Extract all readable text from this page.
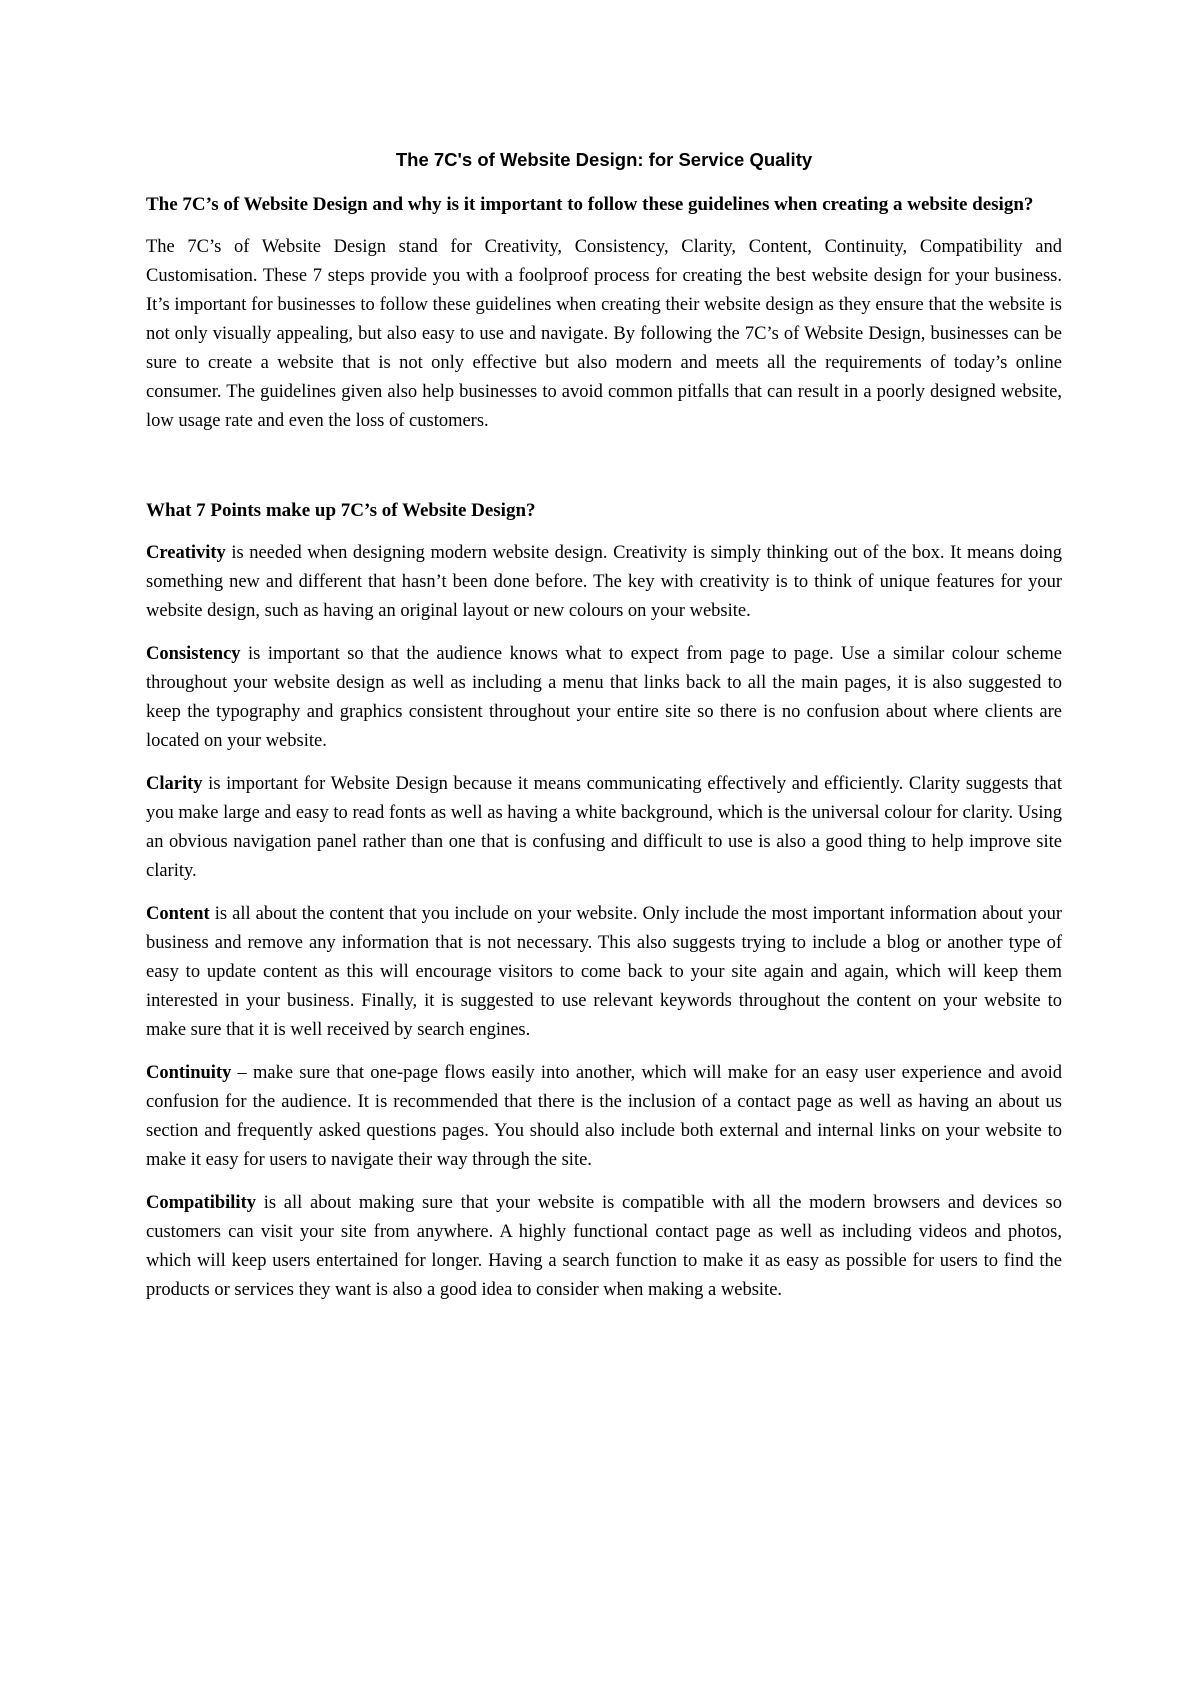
The 7C's of Website Design: for Service Quality
The 7C’s of Website Design and why is it important to follow these guidelines when creating a website design?

The 7C’s of Website Design stand for Creativity, Consistency, Clarity, Content, Continuity, Compatibility and Customisation. These 7 steps provide you with a foolproof process for creating the best website design for your business. It’s important for businesses to follow these guidelines when creating their website design as they ensure that the website is not only visually appealing, but also easy to use and navigate. By following the 7C’s of Website Design, businesses can be sure to create a website that is not only effective but also modern and meets all the requirements of today’s online consumer. The guidelines given also help businesses to avoid common pitfalls that can result in a poorly designed website, low usage rate and even the loss of customers.

What 7 Points make up 7C’s of Website Design?

Creativity is needed when designing modern website design. Creativity is simply thinking out of the box. It means doing something new and different that hasn’t been done before. The key with creativity is to think of unique features for your website design, such as having an original layout or new colours on your website.

Consistency is important so that the audience knows what to expect from page to page. Use a similar colour scheme throughout your website design as well as including a menu that links back to all the main pages, it is also suggested to keep the typography and graphics consistent throughout your entire site so there is no confusion about where clients are located on your website.

Clarity is important for Website Design because it means communicating effectively and efficiently. Clarity suggests that you make large and easy to read fonts as well as having a white background, which is the universal colour for clarity. Using an obvious navigation panel rather than one that is confusing and difficult to use is also a good thing to help improve site clarity.

Content is all about the content that you include on your website. Only include the most important information about your business and remove any information that is not necessary. This also suggests trying to include a blog or another type of easy to update content as this will encourage visitors to come back to your site again and again, which will keep them interested in your business. Finally, it is suggested to use relevant keywords throughout the content on your website to make sure that it is well received by search engines.

Continuity – make sure that one-page flows easily into another, which will make for an easy user experience and avoid confusion for the audience. It is recommended that there is the inclusion of a contact page as well as having an about us section and frequently asked questions pages. You should also include both external and internal links on your website to make it easy for users to navigate their way through the site.

Compatibility is all about making sure that your website is compatible with all the modern browsers and devices so customers can visit your site from anywhere. A highly functional contact page as well as including videos and photos, which will keep users entertained for longer. Having a search function to make it as easy as possible for users to find the products or services they want is also a good idea to consider when making a website.
